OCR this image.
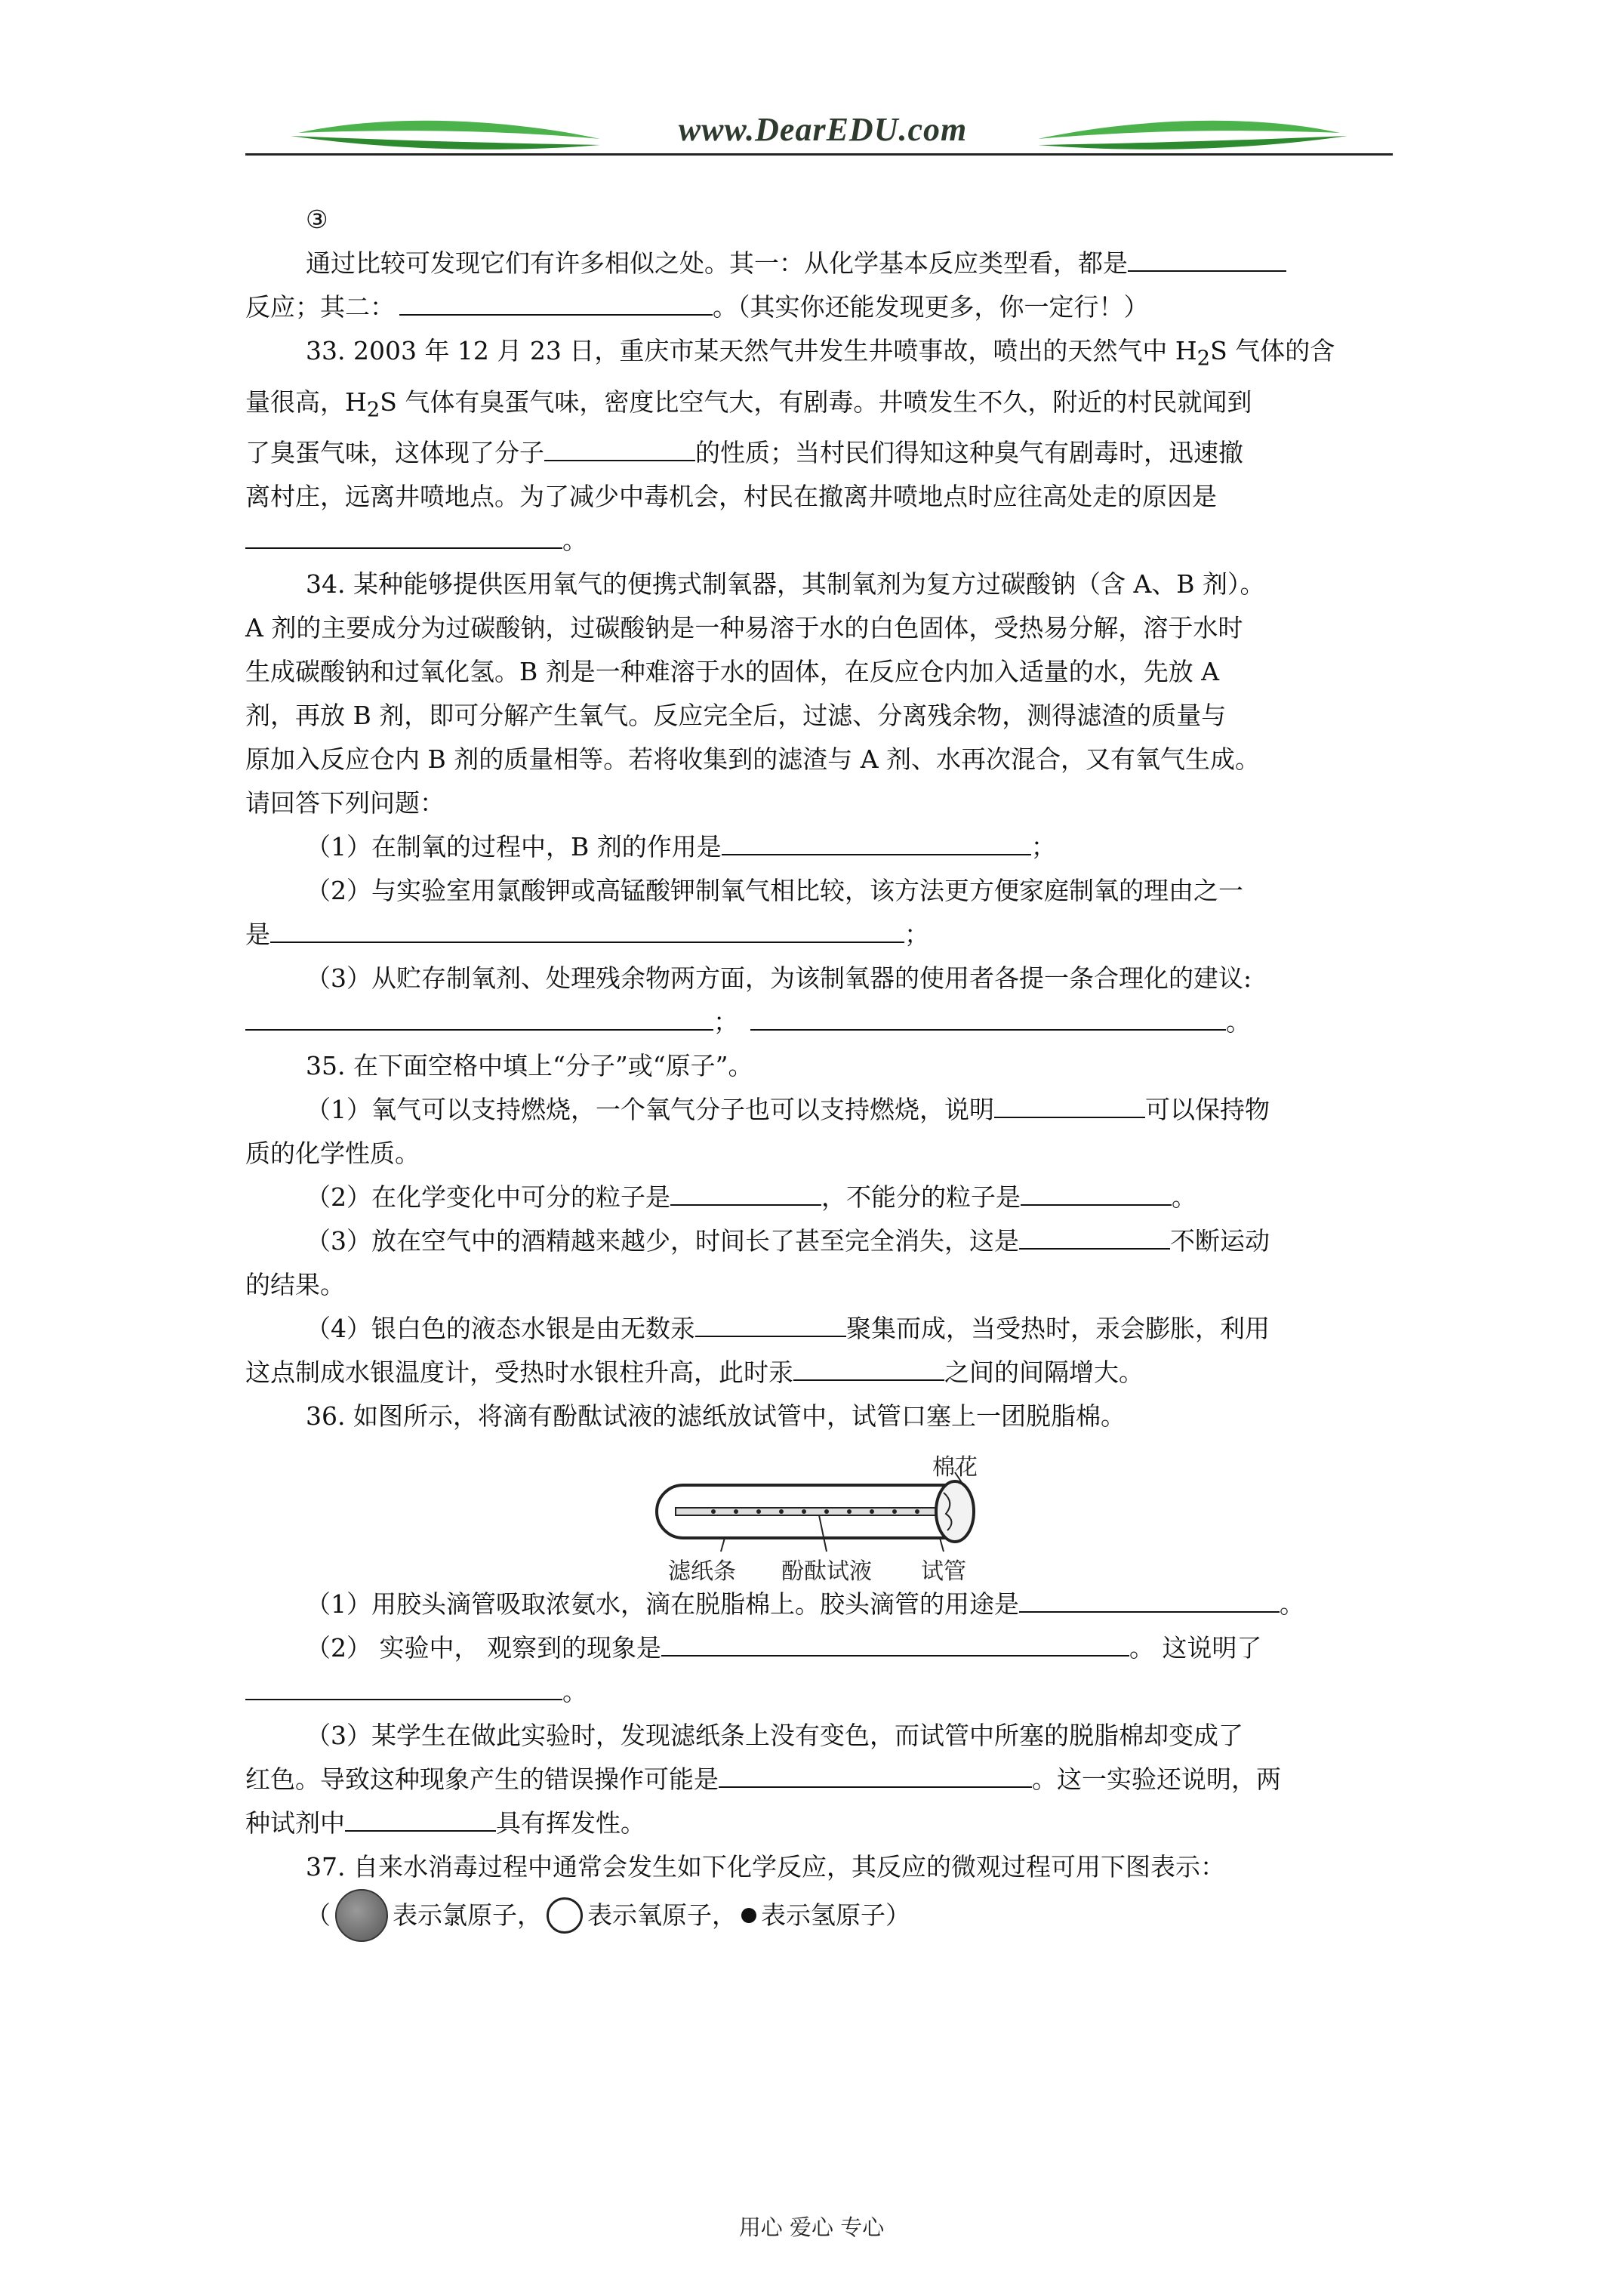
www.DearEDU.com
③
通过比较可发现它们有许多相似之处。其一：从化学基本反应类型看，都是
反应；其二：	。（其实你还能发现更多，你一定行！）
33. 2003 年 12 月 23 日，重庆市某天然气井发生井喷事故，喷出的天然气中 $H_2S$ 气体的含
量很高，$H_2S$ 气体有臭蛋气味，密度比空气大，有剧毒。井喷发生不久，附近的村民就闻到
了臭蛋气味，这体现了分子	的性质；当村民们得知这种臭气有剧毒时，迅速撤
离村庄，远离井喷地点。为了减少中毒机会，村民在撤离井喷地点时应往高处走的原因是
。
34. 某种能够提供医用氧气的便携式制氧器，其制氧剂为复方过碳酸钠（含 A、B 剂）。
A 剂的主要成分为过碳酸钠，过碳酸钠是一种易溶于水的白色固体，受热易分解，溶于水时
生成碳酸钠和过氧化氢。B 剂是一种难溶于水的固体，在反应仓内加入适量的水，先放 A
剂，再放 B 剂，即可分解产生氧气。反应完全后，过滤、分离残余物，测得滤渣的质量与
原加入反应仓内 B 剂的质量相等。若将收集到的滤渣与 A 剂、水再次混合，又有氧气生成。
请回答下列问题：
（1）在制氧的过程中，B 剂的作用是	；
（2）与实验室用氯酸钾或高锰酸钾制氧气相比较，该方法更方便家庭制氧的理由之一
是	；
（3）从贮存制氧剂、处理残余物两方面，为该制氧器的使用者各提一条合理化的建议:
；	。
35. 在下面空格中填上“分子”或“原子”。
（1）氧气可以支持燃烧，一个氧气分子也可以支持燃烧，说明	可以保持物
质的化学性质。
（2）在化学变化中可分的粒子是	，不能分的粒子是	。
（3）放在空气中的酒精越来越少，时间长了甚至完全消失，这是	不断运动
的结果。
（4）银白色的液态水银是由无数汞	聚集而成，当受热时，汞会膨胀，利用
这点制成水银温度计，受热时水银柱升高，此时汞	之间的间隔增大。
36. 如图所示，将滴有酚酞试液的滤纸放试管中，试管口塞上一团脱脂棉。
棉花
滤纸条 酚酞试液 试管
（1）用胶头滴管吸取浓氨水，滴在脱脂棉上。胶头滴管的用途是	。
（2） 实验中， 观察到的现象是	。 这说明了
。
（3）某学生在做此实验时，发现滤纸条上没有变色，而试管中所塞的脱脂棉却变成了
红色。导致这种现象产生的错误操作可能是	。这一实验还说明，两
种试剂中	具有挥发性。
37. 自来水消毒过程中通常会发生如下化学反应，其反应的微观过程可用下图表示：
（ 表示氯原子， 表示氧原子， 表示氢原子）
用心 爱心 专心
